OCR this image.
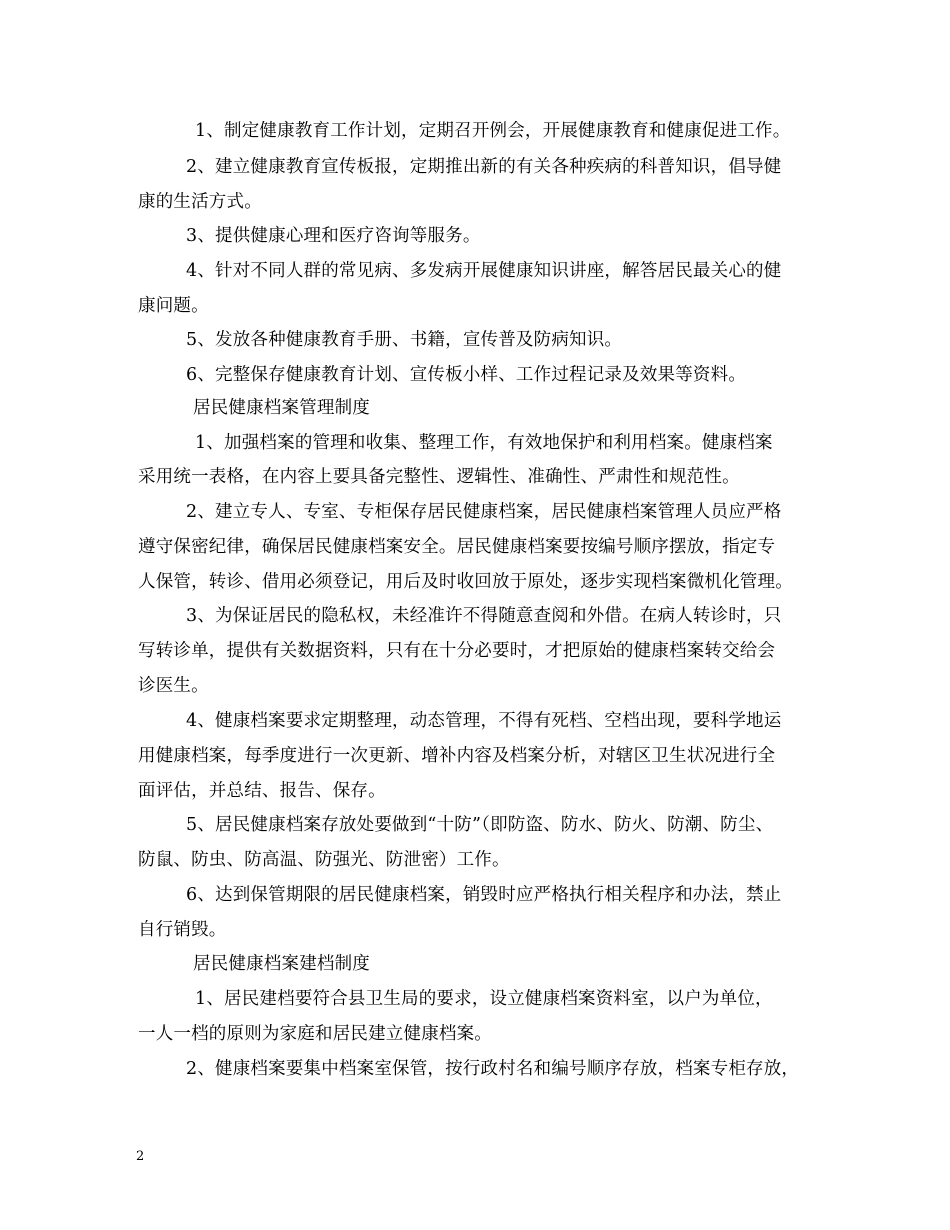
1、制定健康教育工作计划，定期召开例会，开展健康教育和健康促进工作。
2、建立健康教育宣传板报，定期推出新的有关各种疾病的科普知识，倡导健
康的生活方式。
3、提供健康心理和医疗咨询等服务。
4、针对不同人群的常见病、多发病开展健康知识讲座，解答居民最关心的健
康问题。
5、发放各种健康教育手册、书籍，宣传普及防病知识。
6、完整保存健康教育计划、宣传板小样、工作过程记录及效果等资料。
居民健康档案管理制度
1、加强档案的管理和收集、整理工作，有效地保护和利用档案。健康档案
采用统一表格，在内容上要具备完整性、逻辑性、准确性、严肃性和规范性。
2、建立专人、专室、专柜保存居民健康档案，居民健康档案管理人员应严格
遵守保密纪律，确保居民健康档案安全。居民健康档案要按编号顺序摆放，指定专
人保管，转诊、借用必须登记，用后及时收回放于原处，逐步实现档案微机化管理。
3、为保证居民的隐私权，未经准许不得随意查阅和外借。在病人转诊时，只
写转诊单，提供有关数据资料，只有在十分必要时，才把原始的健康档案转交给会
诊医生。
4、健康档案要求定期整理，动态管理，不得有死档、空档出现，要科学地运
用健康档案，每季度进行一次更新、增补内容及档案分析，对辖区卫生状况进行全
面评估，并总结、报告、保存。
5、居民健康档案存放处要做到“十防”（即防盗、防水、防火、防潮、防尘、
防鼠、防虫、防高温、防强光、防泄密）工作。
6、达到保管期限的居民健康档案，销毁时应严格执行相关程序和办法，禁止
自行销毁。
居民健康档案建档制度
1、居民建档要符合县卫生局的要求，设立健康档案资料室，以户为单位，
一人一档的原则为家庭和居民建立健康档案。
2、健康档案要集中档案室保管，按行政村名和编号顺序存放，档案专柜存放，
2
